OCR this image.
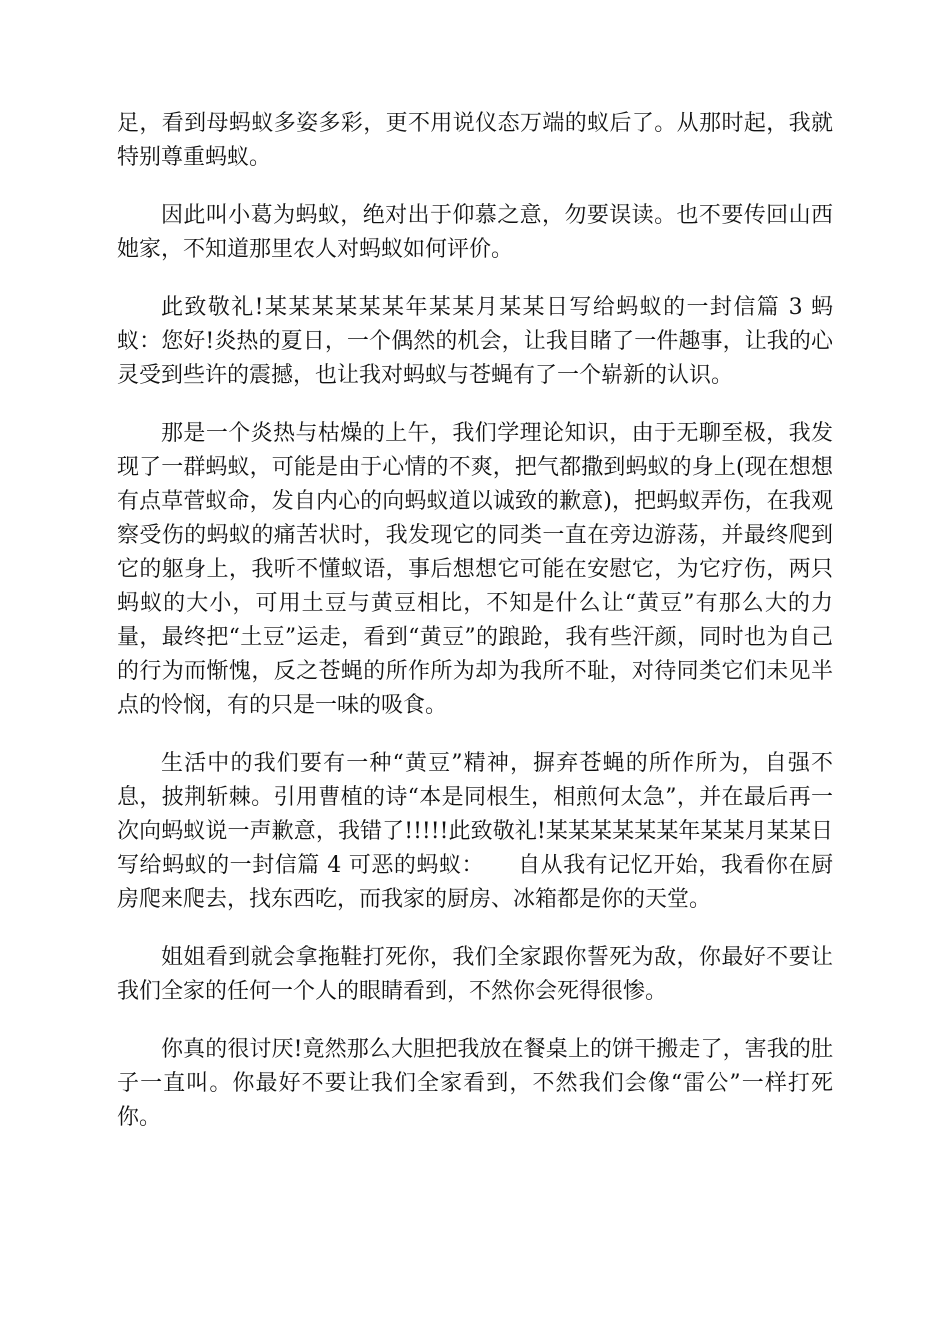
足，看到母蚂蚁多姿多彩，更不用说仪态万端的蚁后了。从那时起，我就特别尊重蚂蚁。

因此叫小葛为蚂蚁，绝对出于仰慕之意，勿要误读。也不要传回山西她家，不知道那里农人对蚂蚁如何评价。

此致敬礼!某某某某某某年某某月某某日写给蚂蚁的一封信篇 3 蚂蚁：您好!炎热的夏日，一个偶然的机会，让我目睹了一件趣事，让我的心灵受到些许的震撼，也让我对蚂蚁与苍蝇有了一个崭新的认识。

那是一个炎热与枯燥的上午，我们学理论知识，由于无聊至极，我发现了一群蚂蚁，可能是由于心情的不爽，把气都撒到蚂蚁的身上(现在想想有点草菅蚁命，发自内心的向蚂蚁道以诚致的歉意)，把蚂蚁弄伤，在我观察受伤的蚂蚁的痛苦状时，我发现它的同类一直在旁边游荡，并最终爬到它的躯身上，我听不懂蚁语，事后想想它可能在安慰它，为它疗伤，两只蚂蚁的大小，可用土豆与黄豆相比，不知是什么让“黄豆”有那么大的力量，最终把“土豆”运走，看到“黄豆”的踉跄，我有些汗颜，同时也为自己的行为而惭愧，反之苍蝇的所作所为却为我所不耻，对待同类它们未见半点的怜悯，有的只是一味的吸食。

生活中的我们要有一种“黄豆”精神，摒弃苍蝇的所作所为，自强不息，披荆斩棘。引用曹植的诗“本是同根生，相煎何太急”，并在最后再一次向蚂蚁说一声歉意，我错了!!!!!此致敬礼!某某某某某某年某某月某某日写给蚂蚁的一封信篇 4 可恶的蚂蚁：　　自从我有记忆开始，我看你在厨房爬来爬去，找东西吃，而我家的厨房、冰箱都是你的天堂。

姐姐看到就会拿拖鞋打死你，我们全家跟你誓死为敌，你最好不要让我们全家的任何一个人的眼睛看到，不然你会死得很惨。

你真的很讨厌!竟然那么大胆把我放在餐桌上的饼干搬走了，害我的肚子一直叫。你最好不要让我们全家看到，不然我们会像“雷公”一样打死你。
